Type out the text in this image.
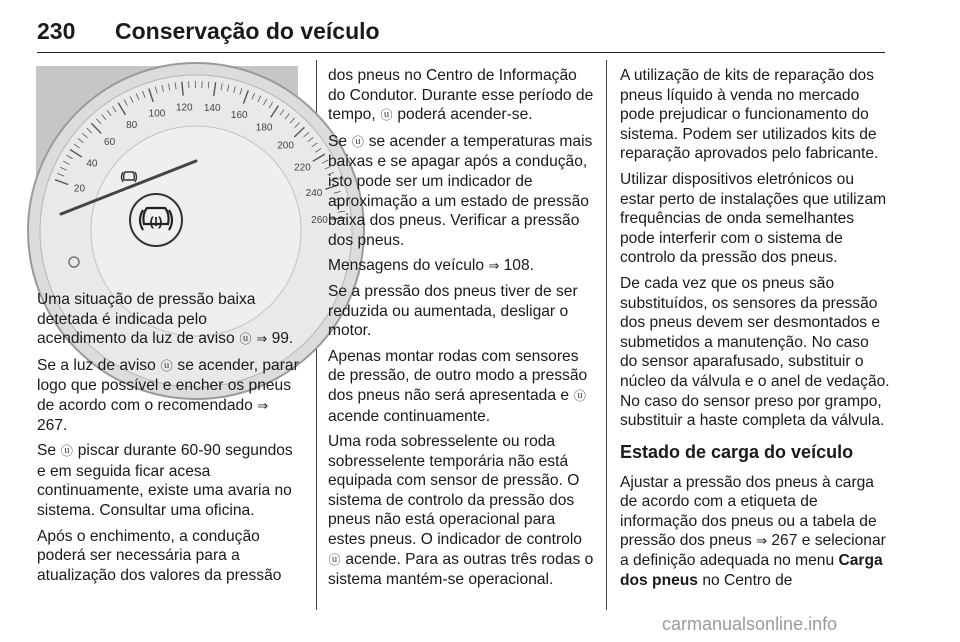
230 Conservação do veículo
20
40
60
80
100
120 140
160
180
200
220
240
260
(!)

Uma situação de pressão baixa detetada é indicada pelo acendimento da luz de aviso ⓤ ⇒ 99.

Se a luz de aviso ⓤ se acender, parar logo que possível e encher os pneus de acordo com o recomendado ⇒ 267.

Se ⓤ piscar durante 60-90 segundos e em seguida ficar acesa continuamente, existe uma avaria no sistema. Consultar uma oficina.

Após o enchimento, a condução poderá ser necessária para a atualização dos valores da pressão

dos pneus no Centro de Informação do Condutor. Durante esse período de tempo, ⓤ poderá acender-se.

Se ⓤ se acender a temperaturas mais baixas e se apagar após a condução, isto pode ser um indicador de aproximação a um estado de pressão baixa dos pneus. Verificar a pressão dos pneus.

Mensagens do veículo ⇒ 108.

Se a pressão dos pneus tiver de ser reduzida ou aumentada, desligar o motor.

Apenas montar rodas com sensores de pressão, de outro modo a pressão dos pneus não será apresentada e ⓤ acende continuamente.

Uma roda sobresselente ou roda sobresselente temporária não está equipada com sensor de pressão. O sistema de controlo da pressão dos pneus não está operacional para estes pneus. O indicador de controlo ⓤ acende. Para as outras três rodas o sistema mantém-se operacional.

A utilização de kits de reparação dos pneus líquido à venda no mercado pode prejudicar o funcionamento do sistema. Podem ser utilizados kits de reparação aprovados pelo fabricante.

Utilizar dispositivos eletrónicos ou estar perto de instalações que utilizam frequências de onda semelhantes pode interferir com o sistema de controlo da pressão dos pneus.

De cada vez que os pneus são substituídos, os sensores da pressão dos pneus devem ser desmontados e submetidos a manutenção. No caso do sensor aparafusado, substituir o núcleo da válvula e o anel de vedação. No caso do sensor preso por grampo, substituir a haste completa da válvula.

Estado de carga do veículo

Ajustar a pressão dos pneus à carga de acordo com a etiqueta de informação dos pneus ou a tabela de pressão dos pneus ⇒ 267 e selecionar a definição adequada no menu Carga dos pneus no Centro de

carmanualsonline.info
